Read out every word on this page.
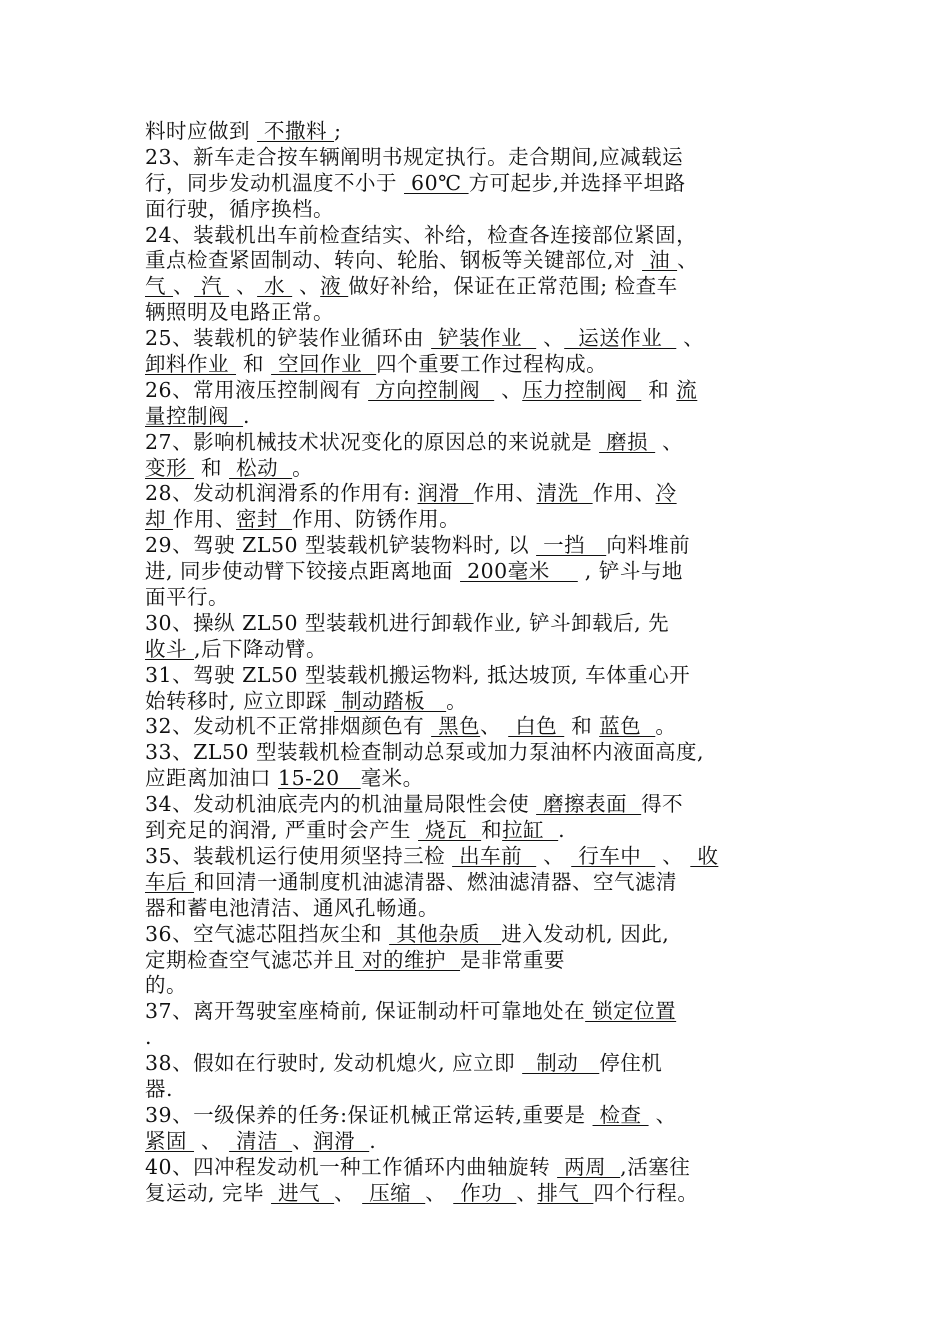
料时应做到  不撒料 ;
23、新车走合按车辆阐明书规定执行。走合期间,应减载运
行，同步发动机温度不小于  60℃ 方可起步,并选择平坦路
面行驶，循序换档。
24、装载机出车前检查结实、补给，检查各连接部位紧固，
重点检查紧固制动、转向、轮胎、钢板等关键部位,对  油 、
气 、 汽  、 水  、液 做好补给，保证在正常范围; 检查车
辆照明及电路正常。
25、装载机的铲装作业循环由  铲装作业   、  运送作业   、
卸料作业  和  空回作业  四个重要工作过程构成。
26、常用液压控制阀有  方向控制阀   、压力控制阀   和 流
量控制阀  .
27、影响机械技术状况变化的原因总的来说就是  磨损  、
变形  和  松动  。
28、发动机润滑系的作用有: 润滑  作用、清洗  作用、冷
却 作用、密封  作用、防锈作用。
29、驾驶 ZL50 型装载机铲装物料时, 以  一挡   向料堆前
进, 同步使动臂下铰接点距离地面  200毫米     , 铲斗与地
面平行。
30、操纵 ZL50 型装载机进行卸载作业, 铲斗卸载后, 先
收斗 ,后下降动臂。
31、驾驶 ZL50 型装载机搬运物料, 抵达坡顶, 车体重心开
始转移时, 应立即踩  制动踏板   。
32、发动机不正常排烟颜色有  黑色、  白色  和 蓝色  。
33、ZL50 型装载机检查制动总泵或加力泵油杯内液面高度,
应距离加油口 15-20   毫米。
34、发动机油底壳内的机油量局限性会使  磨擦表面  得不
到充足的润滑, 严重时会产生  烧瓦  和拉缸  .
35、装载机运行使用须坚持三检  出车前   、  行车中   、  收
车后 和回清一通制度机油滤清器、燃油滤清器、空气滤清
器和蓄电池清洁、通风孔畅通。
36、空气滤芯阻挡灰尘和  其他杂质   进入发动机, 因此,
定期检查空气滤芯并且 对的维护  是非常重要
的。
37、离开驾驶室座椅前, 保证制动杆可靠地处在 锁定位置
.
38、假如在行驶时, 发动机熄火, 应立即   制动   停住机
器.
39、一级保养的任务:保证机械正常运转,重要是  检查  、
紧固  、  清洁  、润滑  .
40、四冲程发动机一种工作循环内曲轴旋转  两周  ,活塞往
复运动, 完毕  进气  、  压缩  、  作功  、排气  四个行程。
